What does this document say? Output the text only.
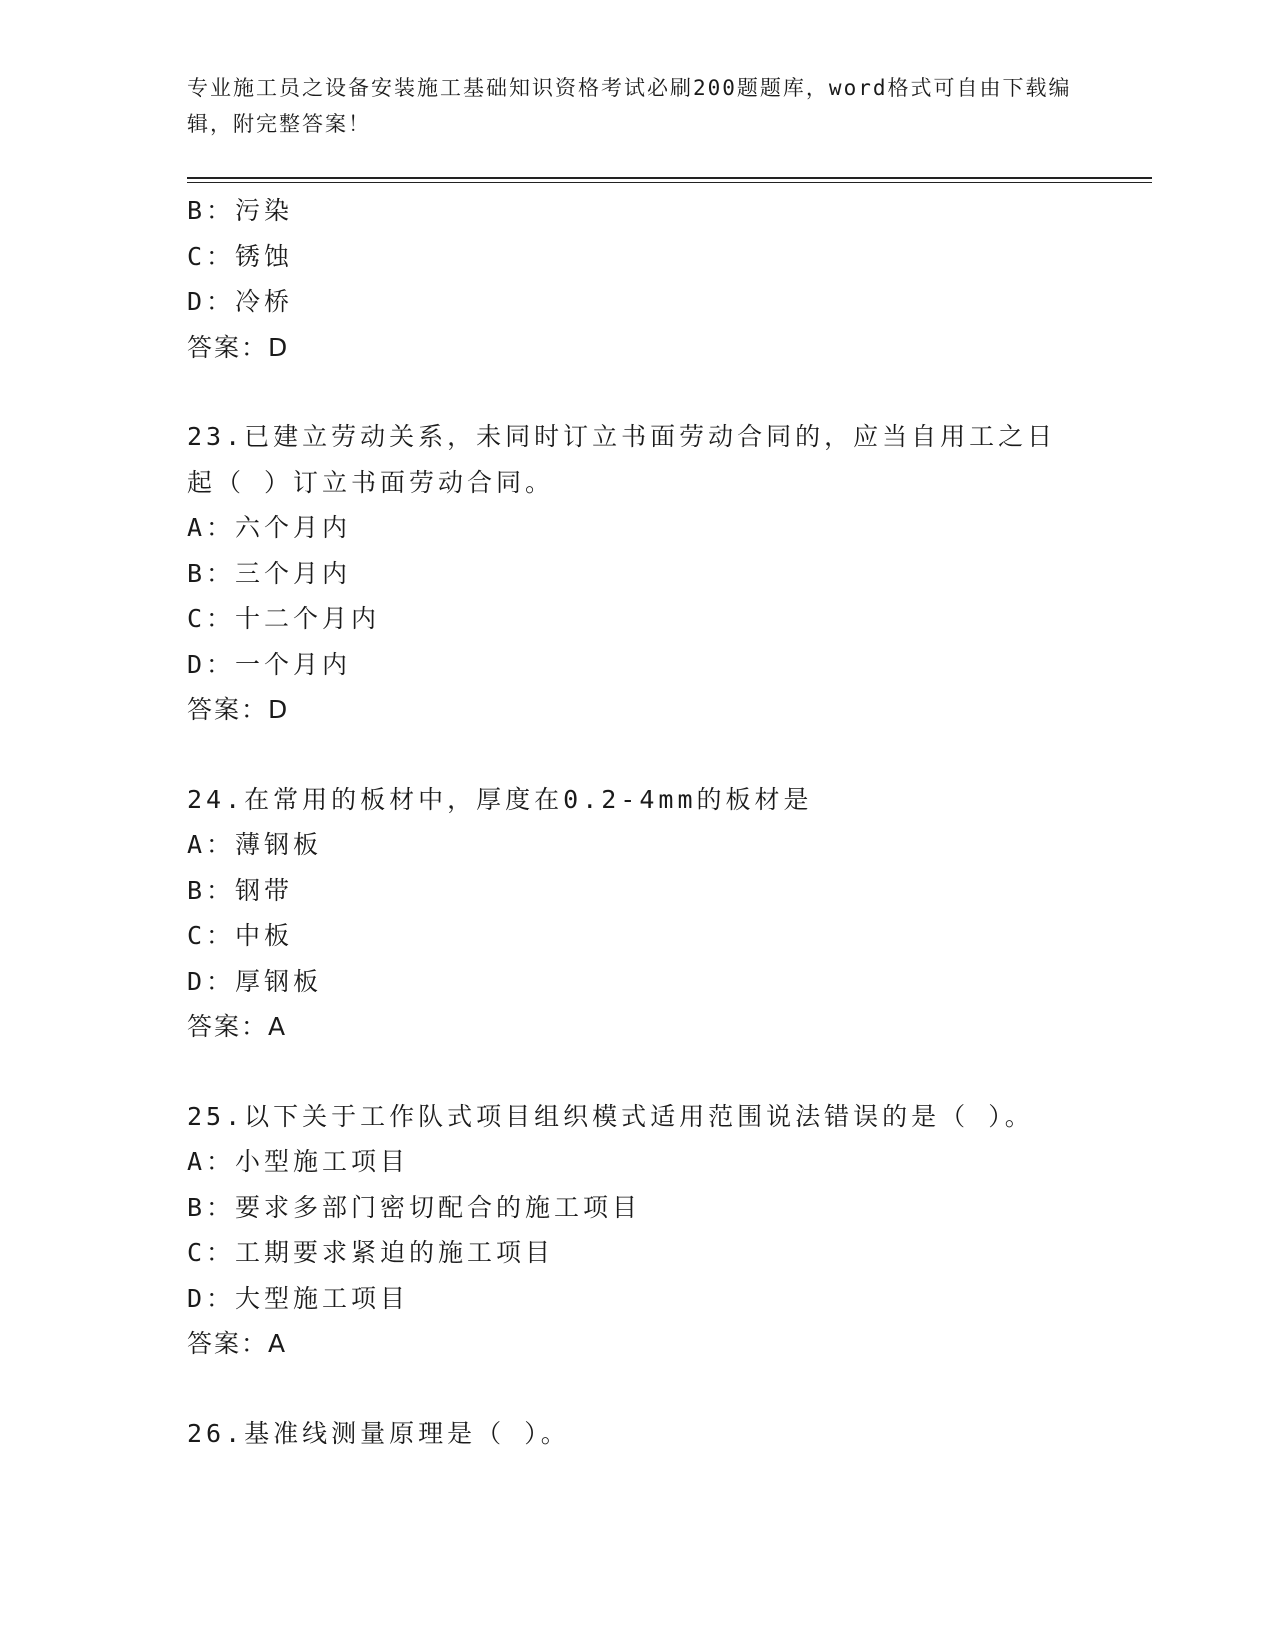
专业施工员之设备安装施工基础知识资格考试必刷200题题库，word格式可自由下载编辑，附完整答案！
B：污染
C：锈蚀
D：冷桥
答案：D
23.已建立劳动关系，未同时订立书面劳动合同的，应当自用工之日起（ ）订立书面劳动合同。
A：六个月内
B：三个月内
C：十二个月内
D：一个月内
答案：D
24.在常用的板材中，厚度在0.2-4mm的板材是
A：薄钢板
B：钢带
C：中板
D：厚钢板
答案：A
25.以下关于工作队式项目组织模式适用范围说法错误的是（ ）。
A：小型施工项目
B：要求多部门密切配合的施工项目
C：工期要求紧迫的施工项目
D：大型施工项目
答案：A
26.基准线测量原理是（ ）。
